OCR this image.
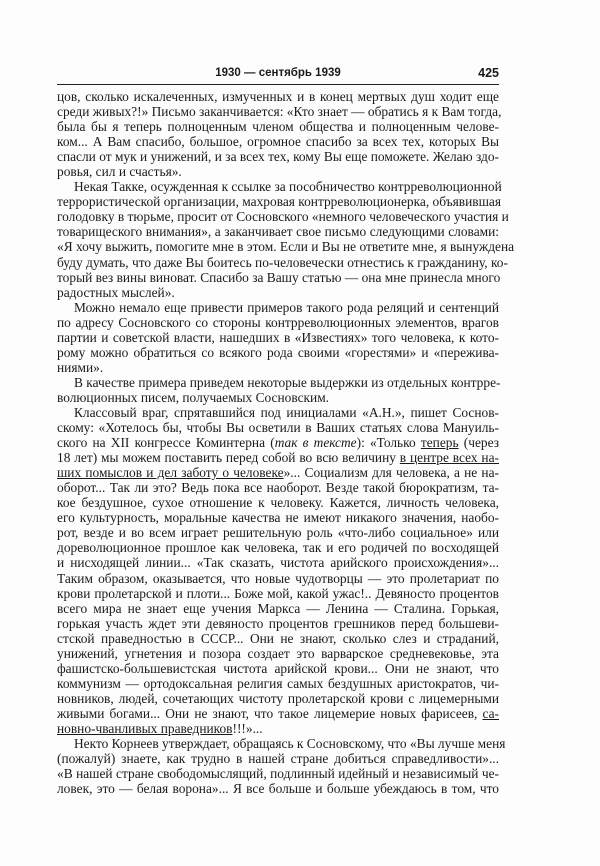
1930 — сентябрь 1939	425
цов, сколько искалеченных, измученных и в конец мертвых душ ходит еще
среди живых?!» Письмо заканчивается: «Кто знает — обратись я к Вам тогда,
была бы я теперь полноценным членом общества и полноценным челове-
ком... А Вам спасибо, большое, огромное спасибо за всех тех, которых Вы
спасли от мук и унижений, и за всех тех, кому Вы еще поможете. Желаю здо-
ровья, сил и счастья».
Некая Такке, осужденная к ссылке за пособничество контрреволюционной
террористической организации, махровая контрреволюционерка, объявившая
голодовку в тюрьме, просит от Сосновского «немного человеческого участия и
товарищеского внимания», а заканчивает свое письмо следующими словами:
«Я хочу выжить, помогите мне в этом. Если и Вы не ответите мне, я вынуждена
буду думать, что даже Вы боитесь по-человечески отнестись к гражданину, ко-
торый вез вины виноват. Спасибо за Вашу статью — она мне принесла много
радостных мыслей».
Можно немало еще привести примеров такого рода реляций и сентенций
по адресу Сосновского со стороны контрреволюционных элементов, врагов
партии и советской власти, нашедших в «Известиях» того человека, к кото-
рому можно обратиться со всякого рода своими «горестями» и «пережива-
ниями».
В качестве примера приведем некоторые выдержки из отдельных контрре-
волюционных писем, получаемых Сосновским.
Классовый враг, спрятавшийся под инициалами «А.Н.», пишет Соснов-
скому: «Хотелось бы, чтобы Вы осветили в Ваших статьях слова Мануиль-
ского на XII конгрессе Коминтерна (так в тексте): «Только теперь (через
18 лет) мы можем поставить перед собой во всю величину в центре всех на-
ших помыслов и дел заботу о человеке»... Социализм для человека, а не на-
оборот... Так ли это? Ведь пока все наоборот. Везде такой бюрократизм, та-
кое бездушное, сухое отношение к человеку. Кажется, личность человека,
его культурность, моральные качества не имеют никакого значения, наобо-
рот, везде и во всем играет решительную роль «что-либо социальное» или
дореволюционное прошлое как человека, так и его родичей по восходящей
и нисходящей линии... «Так сказать, чистота арийского происхождения»...
Таким образом, оказывается, что новые чудотворцы — это пролетариат по
крови пролетарской и плоти... Боже мой, какой ужас!.. Девяносто процентов
всего мира не знает еще учения Маркса — Ленина — Сталина. Горькая,
горькая участь ждет эти девяносто процентов грешников перед большеви-
стской праведностью в СССР... Они не знают, сколько слез и страданий,
унижений, угнетения и позора создает это варварское средневековье, эта
фашистско-большевистская чистота арийской крови... Они не знают, что
коммунизм — ортодоксальная религия самых бездушных аристократов, чи-
новников, людей, сочетающих чистоту пролетарской крови с лицемерными
живыми богами... Они не знают, что такое лицемерие новых фарисеев, са-
новно-чванливых праведников!!!»...
Некто Корнеев утверждает, обращаясь к Сосновскому, что «Вы лучше меня
(пожалуй) знаете, как трудно в нашей стране добиться справедливости»...
«В нашей стране свободомыслящий, подлинный идейный и независимый че-
ловек, это — белая ворона»... Я все больше и больше убеждаюсь в том, что
